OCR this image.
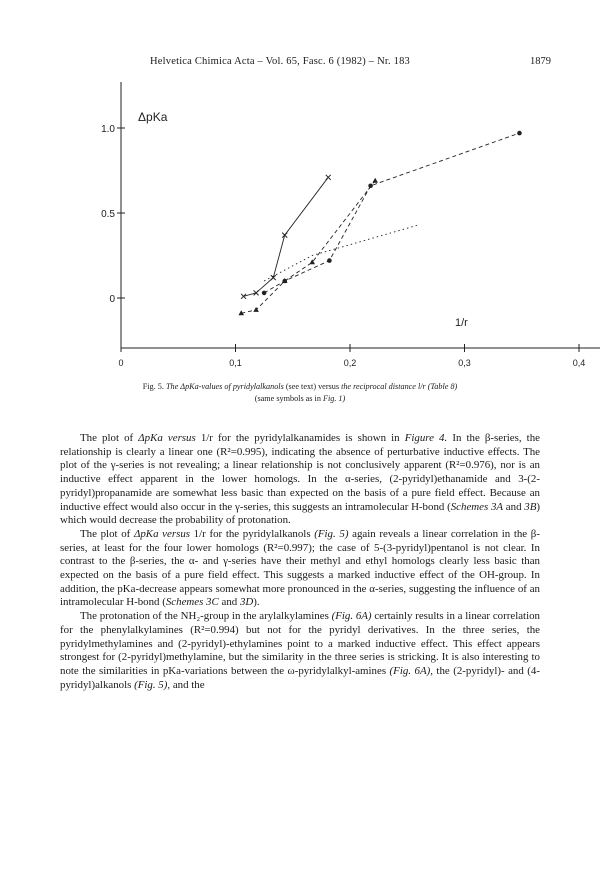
Helvetica Chimica Acta – Vol. 65, Fasc. 6 (1982) – Nr. 183	1879
0
0.5
1.0
0	0,1	0,2	0,3	0,4
ΔpKa
1/r
Fig. 5. The ΔpKa-values of pyridylalkanols (see text) versus the reciprocal distance l/r (Table 8)
(same symbols as in Fig. 1)

The plot of ΔpKa versus 1/r for the pyridylalkanamides is shown in Figure 4. In the β-series, the relationship is clearly a linear one (R²=0.995), indicating the absence of perturbative inductive effects. The plot of the γ-series is not revealing; a linear relationship is not conclusively apparent (R²=0.976), nor is an inductive effect apparent in the lower homologs. In the α-series, (2-pyridyl)ethanamide and 3-(2-pyridyl)propanamide are somewhat less basic than expected on the basis of a pure field effect. Because an inductive effect would also occur in the γ-series, this suggests an intramolecular H-bond (Schemes 3A and 3B) which would decrease the probability of protonation.

The plot of ΔpKa versus 1/r for the pyridylalkanols (Fig. 5) again reveals a linear correlation in the β-series, at least for the four lower homologs (R²=0.997); the case of 5-(3-pyridyl)pentanol is not clear. In contrast to the β-series, the α- and γ-series have their methyl and ethyl homologs clearly less basic than expected on the basis of a pure field effect. This suggests a marked inductive effect of the OH-group. In addition, the pKa-decrease appears somewhat more pronounced in the α-series, suggesting the influence of an intramolecular H-bond (Schemes 3C and 3D).

The protonation of the NH₂-group in the arylalkylamines (Fig. 6A) certainly results in a linear correlation for the phenylalkylamines (R²=0.994) but not for the pyridyl derivatives. In the three series, the pyridylmethylamines and (2-pyridyl)-ethylamines point to a marked inductive effect. This effect appears strongest for (2-pyridyl)methylamine, but the similarity in the three series is stricking. It is also interesting to note the similarities in pKa-variations between the ω-pyridylalkyl-amines (Fig. 6A), the (2-pyridyl)- and (4-pyridyl)alkanols (Fig. 5), and the
